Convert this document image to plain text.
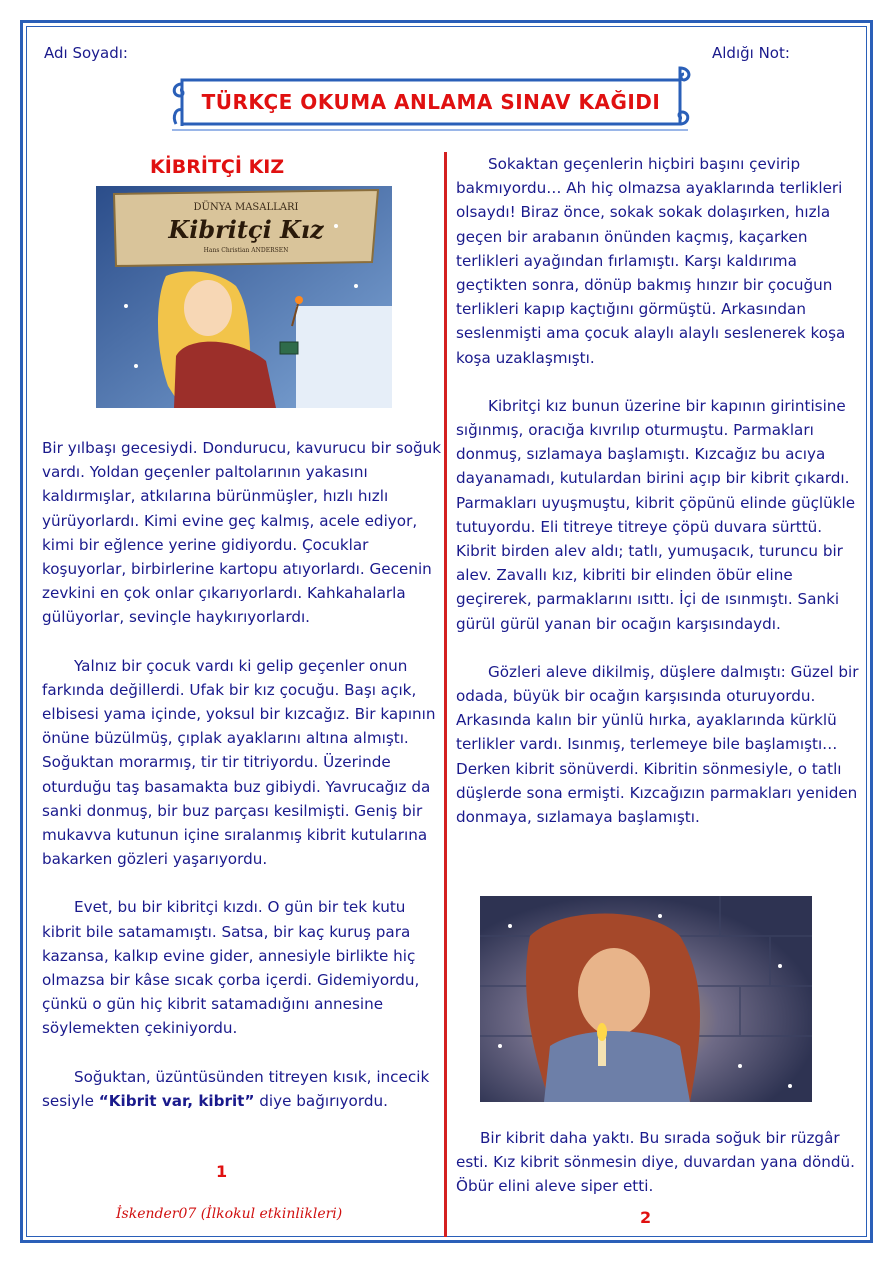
Adı Soyadı:	Aldığı Not:
TÜRKÇE OKUMA ANLAMA SINAV KAĞIDI
KİBRİTÇİ KIZ
DÜNYA MASALLARI
Kibritçi Kız
Hans Christian ANDERSEN

Bir yılbaşı gecesiydi. Dondurucu, kavurucu bir soğuk vardı. Yoldan geçenler paltolarının yakasını kaldırmışlar, atkılarına bürünmüşler, hızlı hızlı yürüyorlardı. Kimi evine geç kalmış, acele ediyor, kimi bir eğlence yerine gidiyordu. Çocuklar koşuyorlar, birbirlerine kartopu atıyorlardı. Gecenin zevkini en çok onlar çıkarıyorlardı. Kahkahalarla gülüyorlar, sevinçle haykırıyorlardı.

Yalnız bir çocuk vardı ki gelip geçenler onun farkında değillerdi. Ufak bir kız çocuğu. Başı açık, elbisesi yama içinde, yoksul bir kızcağız. Bir kapının önüne büzülmüş, çıplak ayaklarını altına almıştı. Soğuktan morarmış, tir tir titriyordu. Üzerinde oturduğu taş basamakta buz gibiydi. Yavrucağız da sanki donmuş, bir buz parçası kesilmişti. Geniş bir mukavva kutunun içine sıralanmış kibrit kutularına bakarken gözleri yaşarıyordu.

Evet, bu bir kibritçi kızdı. O gün bir tek kutu kibrit bile satamamıştı. Satsa, bir kaç kuruş para kazansa, kalkıp evine gider, annesiyle birlikte hiç olmazsa bir kâse sıcak çorba içerdi. Gidemiyordu, çünkü o gün hiç kibrit satamadığını annesine söylemekten çekiniyordu.

Soğuktan, üzüntüsünden titreyen kısık, incecik sesiyle “Kibrit var, kibrit” diye bağırıyordu.

Sokaktan geçenlerin hiçbiri başını çevirip bakmıyordu… Ah hiç olmazsa ayaklarında terlikleri olsaydı! Biraz önce, sokak sokak dolaşırken, hızla geçen bir arabanın önünden kaçmış, kaçarken terlikleri ayağından fırlamıştı. Karşı kaldırıma geçtikten sonra, dönüp bakmış hınzır bir çocuğun terlikleri kapıp kaçtığını görmüştü. Arkasından seslenmişti ama çocuk alaylı alaylı seslenerek koşa koşa uzaklaşmıştı.

Kibritçi kız bunun üzerine bir kapının girintisine sığınmış, oracığa kıvrılıp oturmuştu. Parmakları donmuş, sızlamaya başlamıştı. Kızcağız bu acıya dayanamadı, kutulardan birini açıp bir kibrit çıkardı. Parmakları uyuşmuştu, kibrit çöpünü elinde güçlükle tutuyordu. Eli titreye titreye çöpü duvara sürttü. Kibrit birden alev aldı; tatlı, yumuşacık, turuncu bir alev. Zavallı kız, kibriti bir elinden öbür eline geçirerek, parmaklarını ısıttı. İçi de ısınmıştı. Sanki gürül gürül yanan bir ocağın karşısındaydı.

Gözleri aleve dikilmiş, düşlere dalmıştı: Güzel bir odada, büyük bir ocağın karşısında oturuyordu. Arkasında kalın bir yünlü hırka, ayaklarında kürklü terlikler vardı. Isınmış, terlemeye bile başlamıştı… Derken kibrit sönüverdi. Kibritin sönmesiyle, o tatlı düşlerde sona ermişti. Kızcağızın parmakları yeniden donmaya, sızlamaya başlamıştı.

Bir kibrit daha yaktı. Bu sırada soğuk bir rüzgâr esti. Kız kibrit sönmesin diye, duvardan yana döndü. Öbür elini aleve siper etti.

1
2
İskender07 (İlkokul etkinlikleri)
